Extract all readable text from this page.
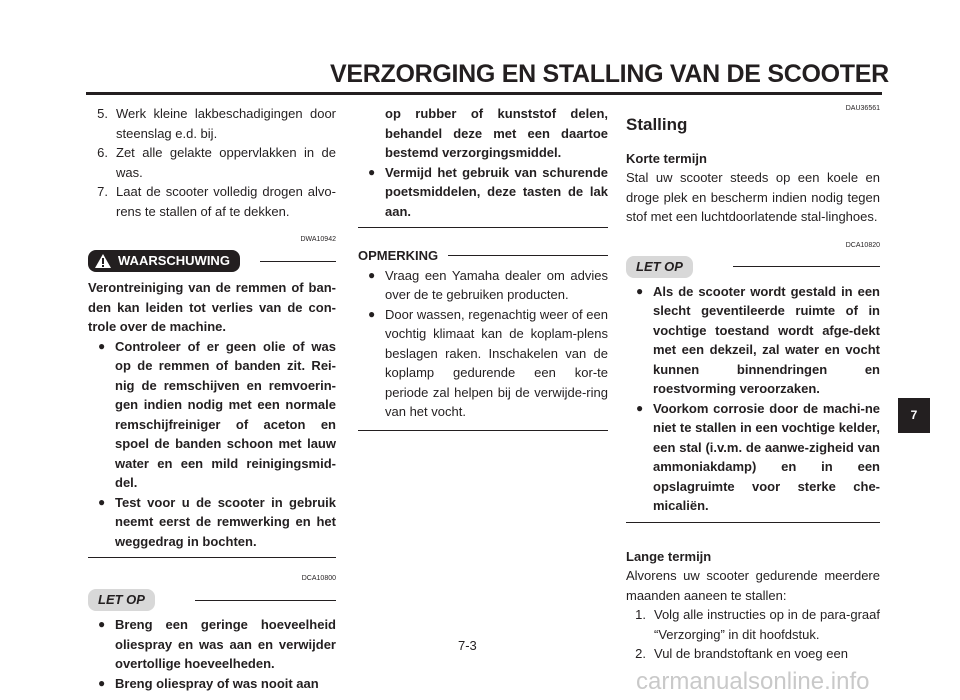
VERZORGING EN STALLING VAN DE SCOOTER
5. Werk kleine lakbeschadigingen door steenslag e.d. bij.
6. Zet alle gelakte oppervlakken in de was.
7. Laat de scooter volledig drogen alvo-rens te stallen of af te dekken.
DWA10942
WAARSCHUWING

Verontreiniging van de remmen of ban-den kan leiden tot verlies van de con-trole over de machine.

● Controleer of er geen olie of was op de remmen of banden zit. Rei-nig de remschijven en remvoerin-gen indien nodig met een normale remschijfreiniger of aceton en spoel de banden schoon met lauw water en een mild reinigingsmid-del.
● Test voor u de scooter in gebruik neemt eerst de remwerking en het weggedrag in bochten.
DCA10800
LET OP
● Breng een geringe hoeveelheid oliespray en was aan en verwijder overtollige hoeveelheden.
● Breng oliespray of was nooit aan

op rubber of kunststof delen, behandel deze met een daartoe bestemd verzorgingsmiddel.

● Vermijd het gebruik van schurende poetsmiddelen, deze tasten de lak aan.
OPMERKING
● Vraag een Yamaha dealer om advies over de te gebruiken producten.
● Door wassen, regenachtig weer of een vochtig klimaat kan de koplam-plens beslagen raken. Inschakelen van de koplamp gedurende een kor-te periode zal helpen bij de verwijde-ring van het vocht.
DAU36561
Stalling

Korte termijn

Stal uw scooter steeds op een koele en droge plek en bescherm indien nodig tegen stof met een luchtdoorlatende stal-linghoes.

DCA10820
LET OP
● Als de scooter wordt gestald in een slecht geventileerde ruimte of in vochtige toestand wordt afge-dekt met een dekzeil, zal water en vocht kunnen binnendringen en roestvorming veroorzaken.
● Voorkom corrosie door de machi-ne niet te stallen in een vochtige kelder, een stal (i.v.m. de aanwe-zigheid van ammoniakdamp) en in een opslagruimte voor sterke che-micaliën.

Lange termijn

Alvorens uw scooter gedurende meerdere maanden aaneen te stallen:

1. Volg alle instructies op in de para-graaf “Verzorging” in dit hoofdstuk.
2. Vul de brandstoftank en voeg een
7
7-3
carmanualsonline.info
